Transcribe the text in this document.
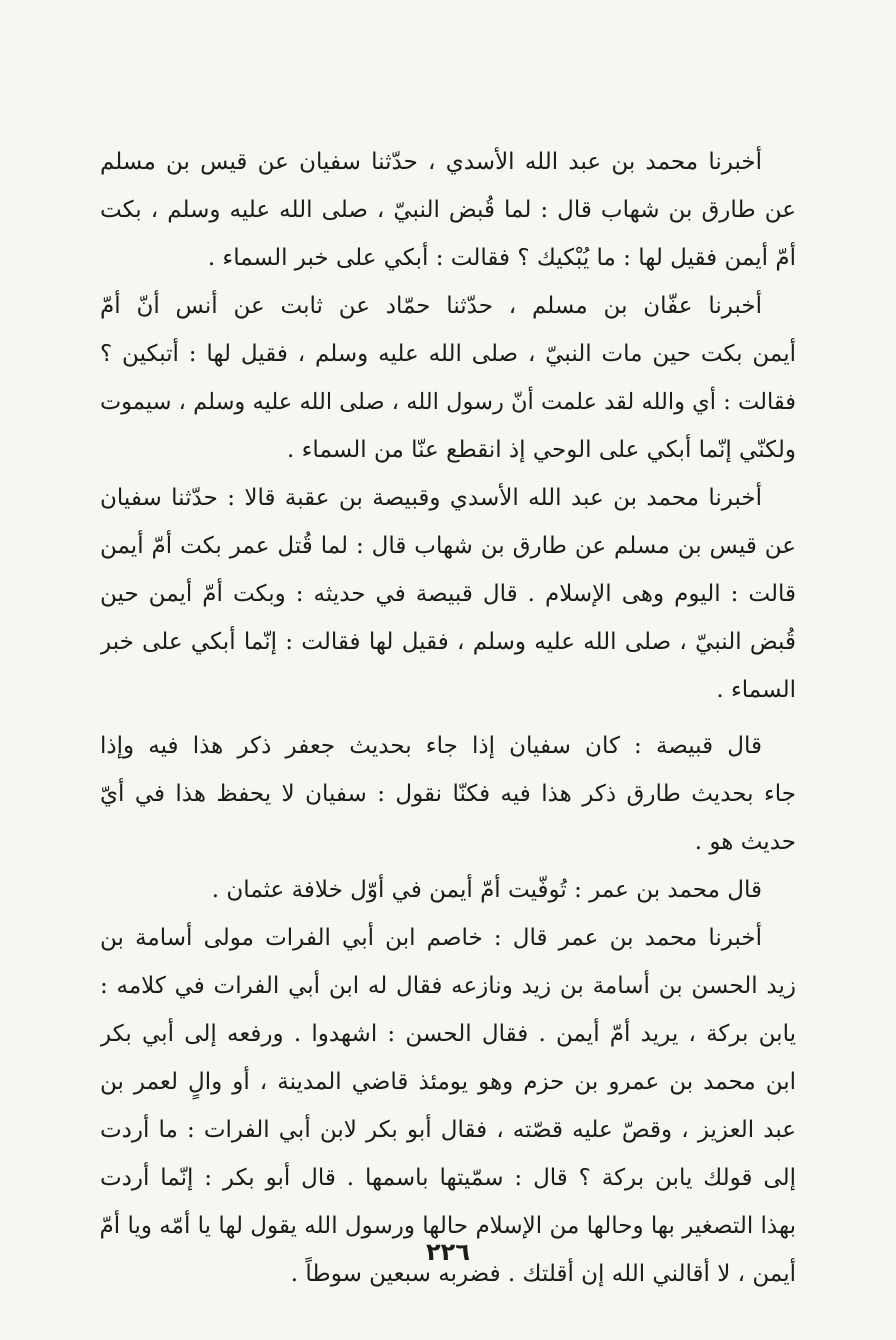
أخبرنا محمد بن عبد الله الأسدي ، حدّثنا سفيان عن قيس بن مسلم
عن طارق بن شهاب قال : لما قُبض النبيّ ، صلى الله عليه وسلم ، بكت
أمّ أيمن فقيل لها : ما يُبْكيك ؟ فقالت : أبكي على خبر السماء .
أخبرنا عفّان بن مسلم ، حدّثنا حمّاد عن ثابت عن أنس أنّ أمّ
أيمن بكت حين مات النبيّ ، صلى الله عليه وسلم ، فقيل لها : أتبكين ؟
فقالت : أي والله لقد علمت أنّ رسول الله ، صلى الله عليه وسلم ، سيموت
ولكنّي إنّما أبكي على الوحي إذ انقطع عنّا من السماء .
أخبرنا محمد بن عبد الله الأسدي وقبيصة بن عقبة قالا : حدّثنا سفيان
عن قيس بن مسلم عن طارق بن شهاب قال : لما قُتل عمر بكت أمّ أيمن
قالت : اليوم وهى الإسلام . قال قبيصة في حديثه : وبكت أمّ أيمن حين
قُبض النبيّ ، صلى الله عليه وسلم ، فقيل لها فقالت : إنّما أبكي على خبر
السماء .
قال قبيصة : كان سفيان إذا جاء بحديث جعفر ذكر هذا فيه وإذا
جاء بحديث طارق ذكر هذا فيه فكنّا نقول : سفيان لا يحفظ هذا في أيّ
حديث هو .
قال محمد بن عمر : تُوفّيت أمّ أيمن في أوّل خلافة عثمان .
أخبرنا محمد بن عمر قال : خاصم ابن أبي الفرات مولى أسامة بن
زيد الحسن بن أسامة بن زيد ونازعه فقال له ابن أبي الفرات في كلامه :
يابن بركة ، يريد أمّ أيمن . فقال الحسن : اشهدوا . ورفعه إلى أبي بكر
ابن محمد بن عمرو بن حزم وهو يومئذ قاضي المدينة ، أو والٍ لعمر بن
عبد العزيز ، وقصّ عليه قصّته ، فقال أبو بكر لابن أبي الفرات : ما أردت
إلى قولك يابن بركة ؟ قال : سمّيتها باسمها . قال أبو بكر : إنّما أردت
بهذا التصغير بها وحالها من الإسلام حالها ورسول الله يقول لها يا أمّه ويا أمّ
أيمن ، لا أقالني الله إن أقلتك . فضربه سبعين سوطاً .
٢٢٦
